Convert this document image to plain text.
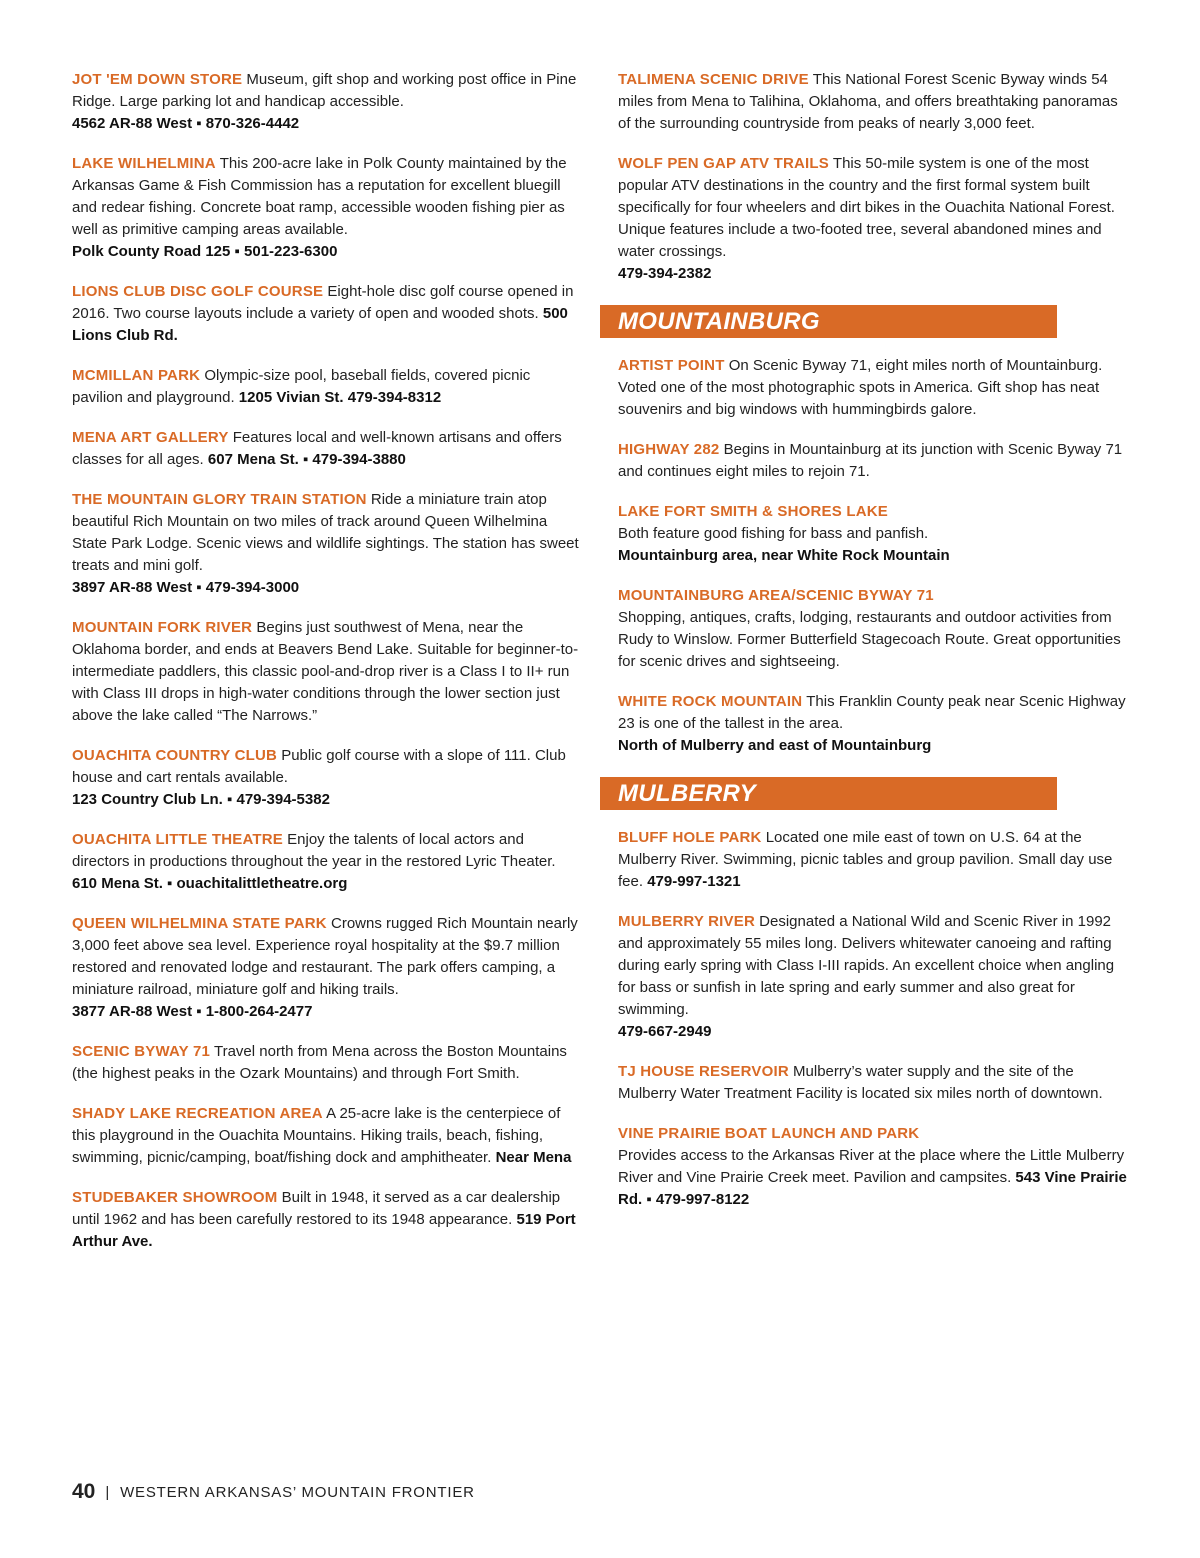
JOT 'EM DOWN STORE Museum, gift shop and working post office in Pine Ridge. Large parking lot and handicap accessible.
4562 AR-88 West ▪ 870-326-4442

LAKE WILHELMINA This 200-acre lake in Polk County maintained by the Arkansas Game & Fish Commission has a reputation for excellent bluegill and redear fishing. Concrete boat ramp, accessible wooden fishing pier as well as primitive camping areas available.
Polk County Road 125 ▪ 501-223-6300

LIONS CLUB DISC GOLF COURSE Eight-hole disc golf course opened in 2016. Two course layouts include a variety of open and wooded shots. 500 Lions Club Rd.

MCMILLAN PARK Olympic-size pool, baseball fields, covered picnic pavilion and playground. 1205 Vivian St. 479-394-8312

MENA ART GALLERY Features local and well-known artisans and offers classes for all ages. 607 Mena St. ▪ 479-394-3880

THE MOUNTAIN GLORY TRAIN STATION Ride a miniature train atop beautiful Rich Mountain on two miles of track around Queen Wilhelmina State Park Lodge. Scenic views and wildlife sightings. The station has sweet treats and mini golf.
3897 AR-88 West ▪ 479-394-3000

MOUNTAIN FORK RIVER Begins just southwest of Mena, near the Oklahoma border, and ends at Beavers Bend Lake. Suitable for beginner-to-intermediate paddlers, this classic pool-and-drop river is a Class I to II+ run with Class III drops in high-water conditions through the lower section just above the lake called “The Narrows.”

OUACHITA COUNTRY CLUB Public golf course with a slope of 111. Club house and cart rentals available.
123 Country Club Ln. ▪ 479-394-5382

OUACHITA LITTLE THEATRE Enjoy the talents of local actors and directors in productions throughout the year in the restored Lyric Theater. 610 Mena St. ▪ ouachitalittletheatre.org

QUEEN WILHELMINA STATE PARK Crowns rugged Rich Mountain nearly 3,000 feet above sea level. Experience royal hospitality at the $9.7 million restored and renovated lodge and restaurant. The park offers camping, a miniature railroad, miniature golf and hiking trails.
3877 AR-88 West ▪ 1-800-264-2477

SCENIC BYWAY 71 Travel north from Mena across the Boston Mountains (the highest peaks in the Ozark Mountains) and through Fort Smith.

SHADY LAKE RECREATION AREA A 25-acre lake is the centerpiece of this playground in the Ouachita Mountains. Hiking trails, beach, fishing, swimming, picnic/camping, boat/fishing dock and amphitheater. Near Mena

STUDEBAKER SHOWROOM Built in 1948, it served as a car dealership until 1962 and has been carefully restored to its 1948 appearance. 519 Port Arthur Ave.

TALIMENA SCENIC DRIVE This National Forest Scenic Byway winds 54 miles from Mena to Talihina, Oklahoma, and offers breathtaking panoramas of the surrounding countryside from peaks of nearly 3,000 feet.

WOLF PEN GAP ATV TRAILS This 50-mile system is one of the most popular ATV destinations in the country and the first formal system built specifically for four wheelers and dirt bikes in the Ouachita National Forest. Unique features include a two-footed tree, several abandoned mines and water crossings.
479-394-2382

MOUNTAINBURG

ARTIST POINT On Scenic Byway 71, eight miles north of Mountainburg. Voted one of the most photographic spots in America. Gift shop has neat souvenirs and big windows with hummingbirds galore.

HIGHWAY 282 Begins in Mountainburg at its junction with Scenic Byway 71 and continues eight miles to rejoin 71.

LAKE FORT SMITH & SHORES LAKE
Both feature good fishing for bass and panfish.
Mountainburg area, near White Rock Mountain

MOUNTAINBURG AREA/SCENIC BYWAY 71
Shopping, antiques, crafts, lodging, restaurants and outdoor activities from Rudy to Winslow. Former Butterfield Stagecoach Route. Great opportunities for scenic drives and sightseeing.

WHITE ROCK MOUNTAIN This Franklin County peak near Scenic Highway 23 is one of the tallest in the area.
North of Mulberry and east of Mountainburg

MULBERRY

BLUFF HOLE PARK Located one mile east of town on U.S. 64 at the Mulberry River. Swimming, picnic tables and group pavilion. Small day use fee. 479-997-1321

MULBERRY RIVER Designated a National Wild and Scenic River in 1992 and approximately 55 miles long. Delivers whitewater canoeing and rafting during early spring with Class I-III rapids. An excellent choice when angling for bass or sunfish in late spring and early summer and also great for swimming.
479-667-2949

TJ HOUSE RESERVOIR Mulberry’s water supply and the site of the Mulberry Water Treatment Facility is located six miles north of downtown.

VINE PRAIRIE BOAT LAUNCH AND PARK
Provides access to the Arkansas River at the place where the Little Mulberry River and Vine Prairie Creek meet. Pavilion and campsites. 543 Vine Prairie Rd. ▪ 479-997-8122

40 | WESTERN ARKANSAS’ MOUNTAIN FRONTIER
